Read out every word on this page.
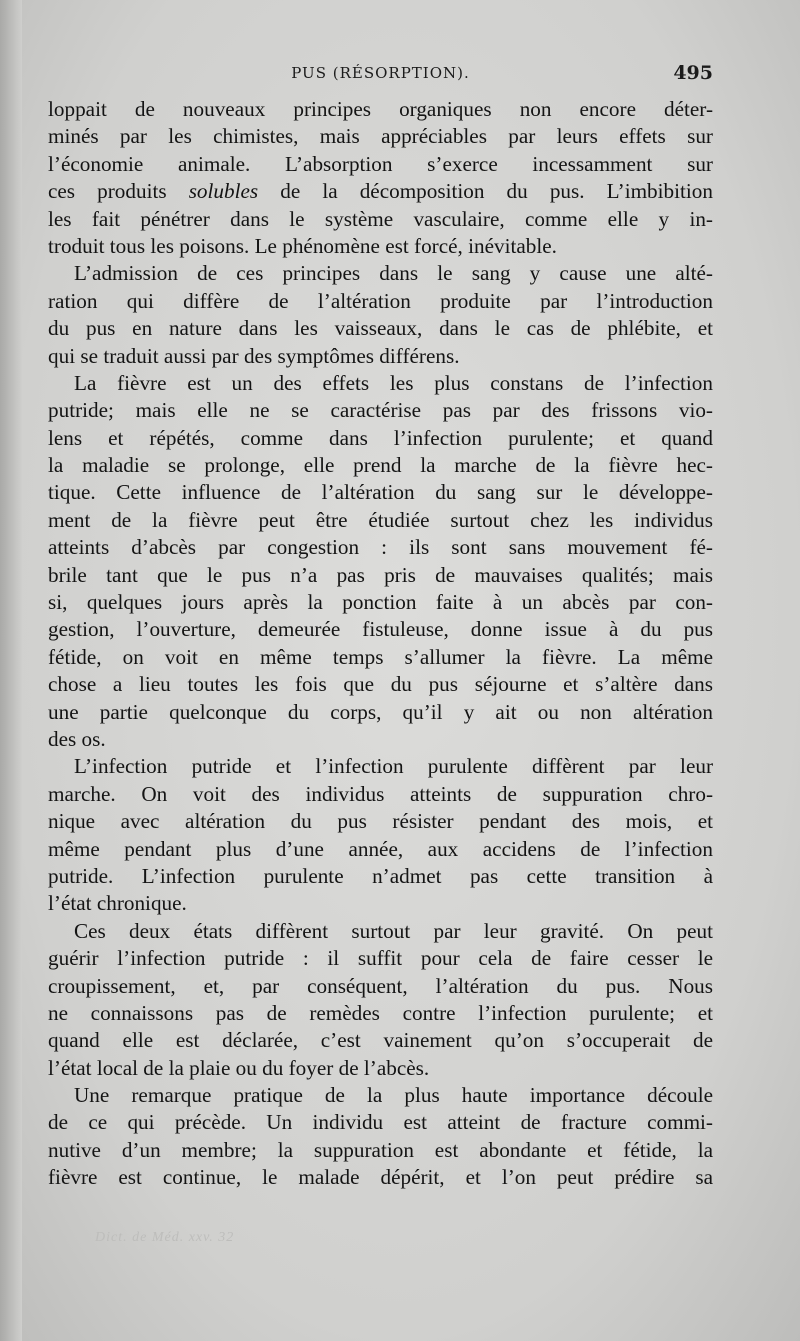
PUS (RÉSORPTION).	495
loppait de nouveaux principes organiques non encore déter-
minés par les chimistes, mais appréciables par leurs effets sur
l’économie animale. L’absorption s’exerce incessamment sur
ces produits solubles de la décomposition du pus. L’imbibition
les fait pénétrer dans le système vasculaire, comme elle y in-
troduit tous les poisons. Le phénomène est forcé, inévitable.
L’admission de ces principes dans le sang y cause une alté-
ration qui diffère de l’altération produite par l’introduction
du pus en nature dans les vaisseaux, dans le cas de phlébite, et
qui se traduit aussi par des symptômes différens.
La fièvre est un des effets les plus constans de l’infection
putride; mais elle ne se caractérise pas par des frissons vio-
lens et répétés, comme dans l’infection purulente; et quand
la maladie se prolonge, elle prend la marche de la fièvre hec-
tique. Cette influence de l’altération du sang sur le développe-
ment de la fièvre peut être étudiée surtout chez les individus
atteints d’abcès par congestion : ils sont sans mouvement fé-
brile tant que le pus n’a pas pris de mauvaises qualités; mais
si, quelques jours après la ponction faite à un abcès par con-
gestion, l’ouverture, demeurée fistuleuse, donne issue à du pus
fétide, on voit en même temps s’allumer la fièvre. La même
chose a lieu toutes les fois que du pus séjourne et s’altère dans
une partie quelconque du corps, qu’il y ait ou non altération
des os.
L’infection putride et l’infection purulente diffèrent par leur
marche. On voit des individus atteints de suppuration chro-
nique avec altération du pus résister pendant des mois, et
même pendant plus d’une année, aux accidens de l’infection
putride. L’infection purulente n’admet pas cette transition à
l’état chronique.
Ces deux états diffèrent surtout par leur gravité. On peut
guérir l’infection putride : il suffit pour cela de faire cesser le
croupissement, et, par conséquent, l’altération du pus. Nous
ne connaissons pas de remèdes contre l’infection purulente; et
quand elle est déclarée, c’est vainement qu’on s’occuperait de
l’état local de la plaie ou du foyer de l’abcès.
Une remarque pratique de la plus haute importance découle
de ce qui précède. Un individu est atteint de fracture commi-
nutive d’un membre; la suppuration est abondante et fétide, la
fièvre est continue, le malade dépérit, et l’on peut prédire sa
Dict. de Méd. xxv. 32
